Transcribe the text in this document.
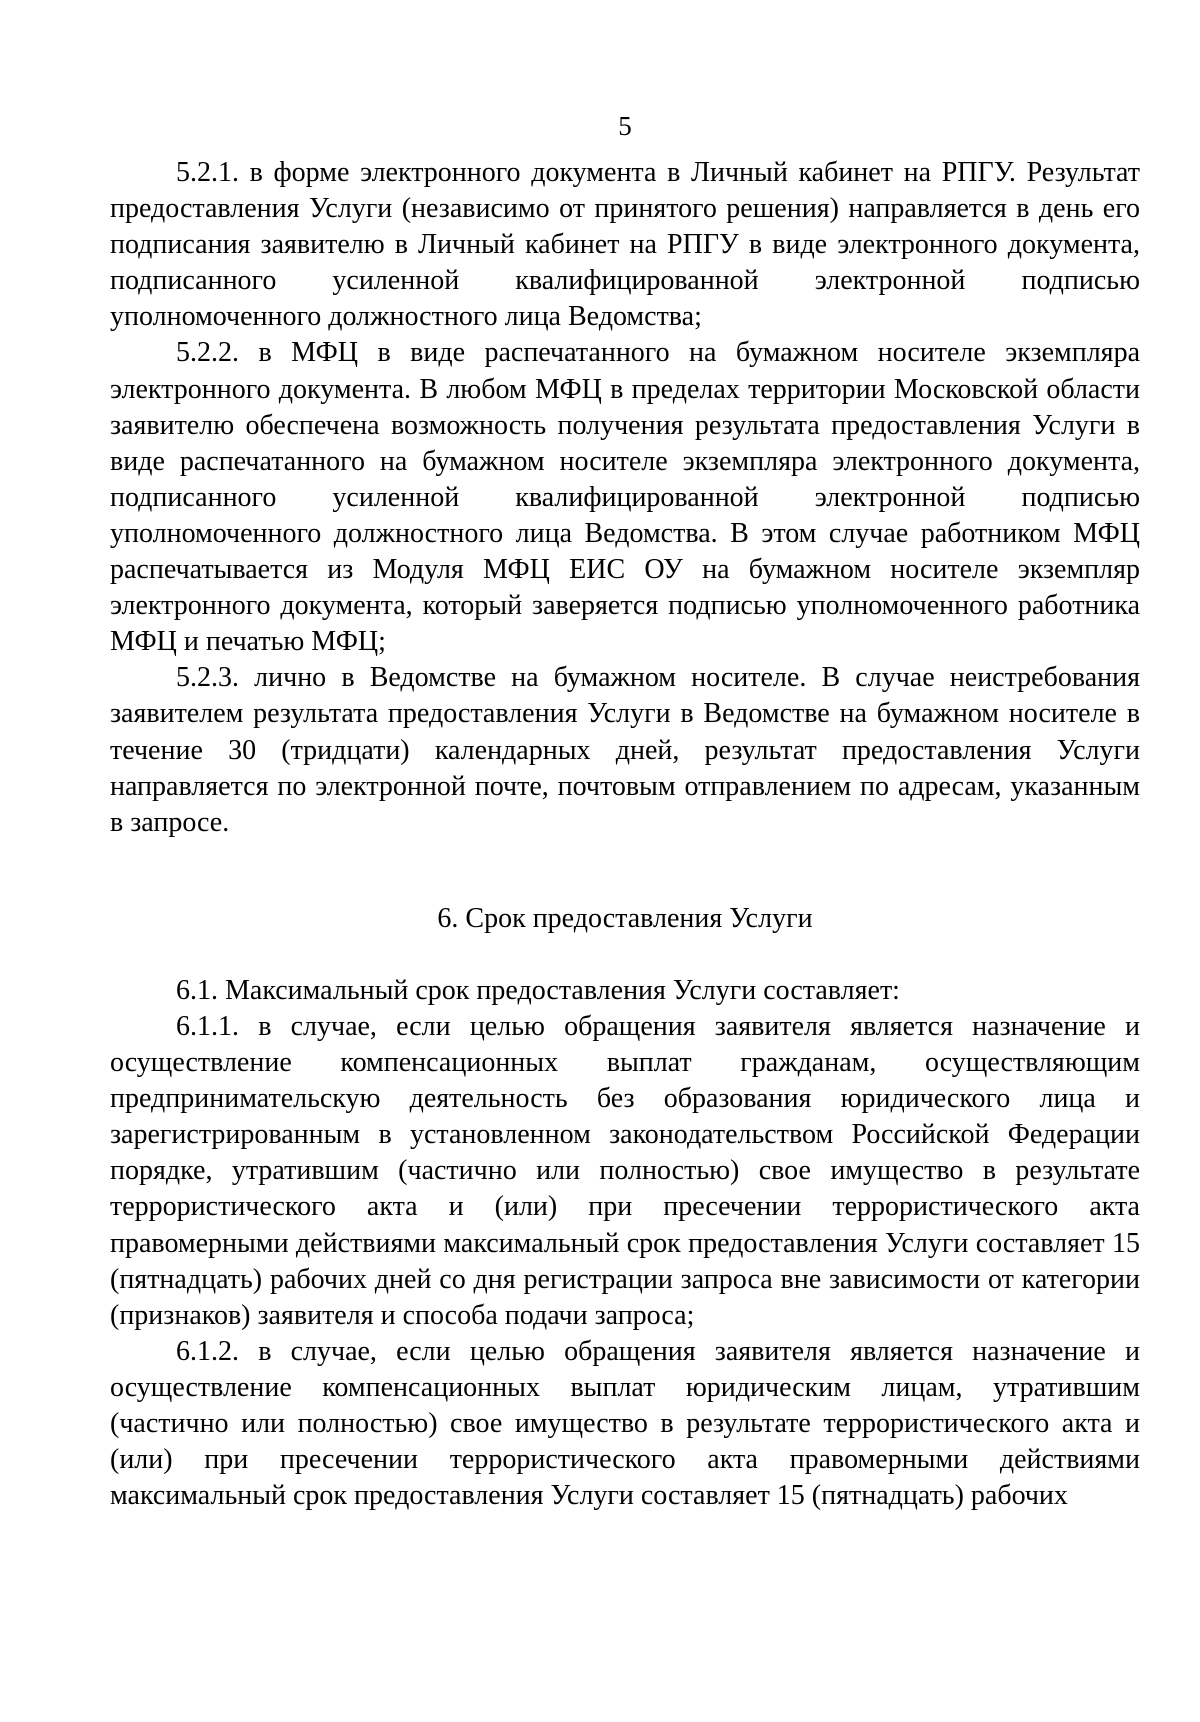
5

5.2.1. в форме электронного документа в Личный кабинет на РПГУ. Результат предоставления Услуги (независимо от принятого решения) направляется в день его подписания заявителю в Личный кабинет на РПГУ в виде электронного документа, подписанного усиленной квалифицированной электронной подписью уполномоченного должностного лица Ведомства;

5.2.2. в МФЦ в виде распечатанного на бумажном носителе экземпляра электронного документа. В любом МФЦ в пределах территории Московской области заявителю обеспечена возможность получения результата предоставления Услуги в виде распечатанного на бумажном носителе экземпляра электронного документа, подписанного усиленной квалифицированной электронной подписью уполномоченного должностного лица Ведомства. В этом случае работником МФЦ распечатывается из Модуля МФЦ ЕИС ОУ на бумажном носителе экземпляр электронного документа, который заверяется подписью уполномоченного работника МФЦ и печатью МФЦ;

5.2.3. лично в Ведомстве на бумажном носителе. В случае неистребования заявителем результата предоставления Услуги в Ведомстве на бумажном носителе в течение 30 (тридцати) календарных дней, результат предоставления Услуги направляется по электронной почте, почтовым отправлением по адресам, указанным в запросе.

6. Срок предоставления Услуги

6.1. Максимальный срок предоставления Услуги составляет:

6.1.1. в случае, если целью обращения заявителя является назначение и осуществление компенсационных выплат гражданам, осуществляющим предпринимательскую деятельность без образования юридического лица и зарегистрированным в установленном законодательством Российской Федерации порядке, утратившим (частично или полностью) свое имущество в результате террористического акта и (или) при пресечении террористического акта правомерными действиями максимальный срок предоставления Услуги составляет 15 (пятнадцать) рабочих дней со дня регистрации запроса вне зависимости от категории (признаков) заявителя и способа подачи запроса;

6.1.2. в случае, если целью обращения заявителя является назначение и осуществление компенсационных выплат юридическим лицам, утратившим (частично или полностью) свое имущество в результате террористического акта и (или) при пресечении террористического акта правомерными действиями максимальный срок предоставления Услуги составляет 15 (пятнадцать) рабочих
